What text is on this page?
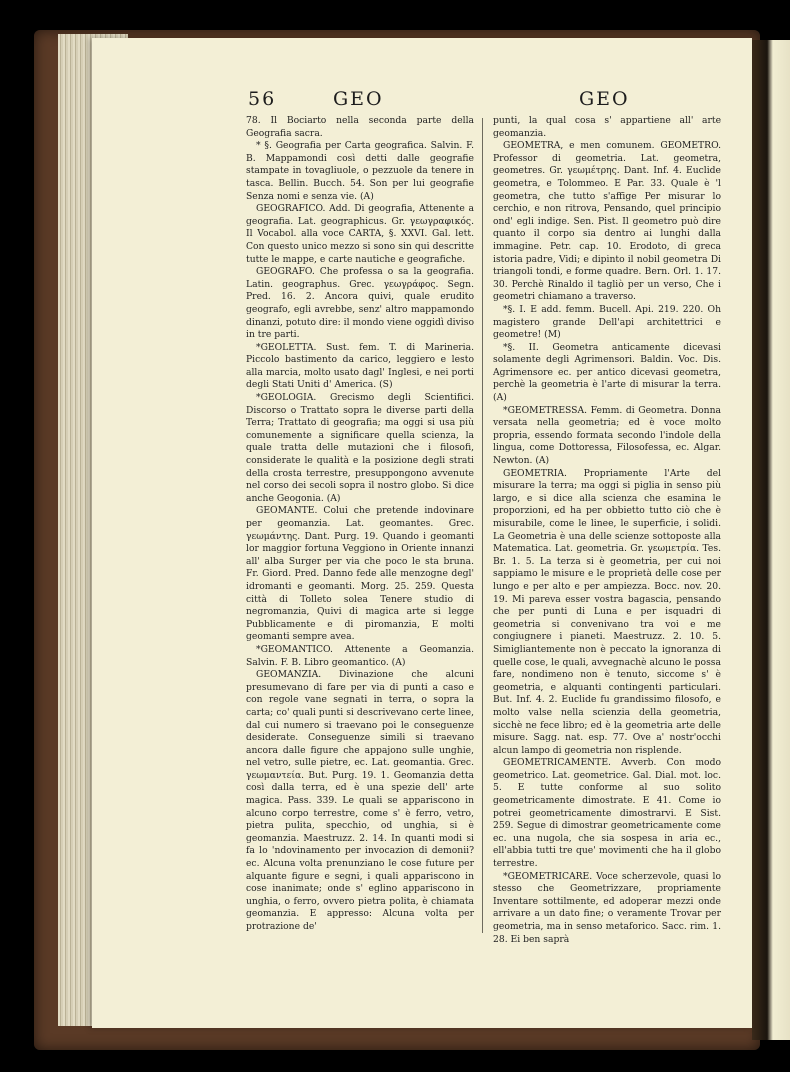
56	GEO	GEO

78. Il Bociarto nella seconda parte della Geografia sacra.

* §. Geografia per Carta geografica. Salvin. F. B. Mappamondi così detti dalle geografie stampate in tovagliuole, o pezzuole da tenere in tasca. Bellin. Bucch. 54. Son per lui geografie Senza nomi e senza vie. (A)

GEOGRAFICO. Add. Di geografia, Attenente a geografia. Lat. geographicus. Gr. γεωγραφικός. Il Vocabol. alla voce CARTA, §. XXVI. Gal. lett. Con questo unico mezzo si sono sin qui descritte tutte le mappe, e carte nautiche e geografiche.

GEOGRAFO. Che professa o sa la geografia. Latin. geographus. Grec. γεωγράφος. Segn. Pred. 16. 2. Ancora quivi, quale erudito geografo, egli avrebbe, senz' altro mappamondo dinanzi, potuto dire: il mondo viene oggidì diviso in tre parti.

*GEOLETTA. Sust. fem. T. di Marineria. Piccolo bastimento da carico, leggiero e lesto alla marcia, molto usato dagl' Inglesi, e nei porti degli Stati Uniti d' America. (S)

*GEOLOGIA. Grecismo degli Scientifici. Discorso o Trattato sopra le diverse parti della Terra; Trattato di geografia; ma oggi si usa più comunemente a significare quella scienza, la quale tratta delle mutazioni che i filosofi, considerate le qualità e la posizione degli strati della crosta terrestre, presuppongono avvenute nel corso dei secoli sopra il nostro globo. Si dice anche Geogonia. (A)

GEOMANTE. Colui che pretende indovinare per geomanzia. Lat. geomantes. Grec. γεωμάντης. Dant. Purg. 19. Quando i geomanti lor maggior fortuna Veggiono in Oriente innanzi all' alba Surger per via che poco le sta bruna. Fr. Giord. Pred. Danno fede alle menzogne degl' idromanti e geomanti. Morg. 25. 259. Questa città di Tolleto solea Tenere studio di negromanzia, Quivi di magica arte si legge Pubblicamente e di piromanzia, E molti geomanti sempre avea.

*GEOMANTICO. Attenente a Geomanzia. Salvin. F. B. Libro geomantico. (A)

GEOMANZIA. Divinazione che alcuni presumevano di fare per via di punti a caso e con regole vane segnati in terra, o sopra la carta; co' quali punti si descrivevano certe linee, dal cui numero si traevano poi le conseguenze desiderate. Conseguenze simili si traevano ancora dalle figure che appajono sulle unghie, nel vetro, sulle pietre, ec. Lat. geomantia. Grec. γεωμαντεία. But. Purg. 19. 1. Geomanzia detta così dalla terra, ed è una spezie dell' arte magica. Pass. 339. Le quali se appariscono in alcuno corpo terrestre, come s' è ferro, vetro, pietra pulita, specchio, od unghia, si è geomanzia. Maestruzz. 2. 14. In quanti modi si fa lo 'ndovinamento per invocazion di demonii? ec. Alcuna volta prenunziano le cose future per alquante figure e segni, i quali appariscono in cose inanimate; onde s' eglino appariscono in unghia, o ferro, ovvero pietra polita, è chiamata geomanzia. E appresso: Alcuna volta per protrazione de'

punti, la qual cosa s' appartiene all' arte geomanzia.

GEOMETRA, e men comunem. GEOMETRO. Professor di geometria. Lat. geometra, geometres. Gr. γεωμέτρης. Dant. Inf. 4. Euclide geometra, e Tolommeo. E Par. 33. Quale è 'l geometra, che tutto s'affige Per misurar lo cerchio, e non ritrova, Pensando, quel principio ond' egli indige. Sen. Pist. Il geometro può dire quanto il corpo sia dentro ai lunghi dalla immagine. Petr. cap. 10. Erodoto, di greca istoria padre, Vidi; e dipinto il nobil geometra Di triangoli tondi, e forme quadre. Bern. Orl. 1. 17. 30. Perchè Rinaldo il tagliò per un verso, Che i geometri chiamano a traverso.

*§. I. E add. femm. Bucell. Api. 219. 220. Oh magistero grande Dell'api architettrici e geometre! (M)

*§. II. Geometra anticamente dicevasi solamente degli Agrimensori. Baldin. Voc. Dis. Agrimensore ec. per antico dicevasi geometra, perchè la geometria è l'arte di misurar la terra. (A)

*GEOMETRESSA. Femm. di Geometra. Donna versata nella geometria; ed è voce molto propria, essendo formata secondo l'indole della lingua, come Dottoressa, Filosofessa, ec. Algar. Newton. (A)

GEOMETRIA. Propriamente l'Arte del misurare la terra; ma oggi si piglia in senso più largo, e si dice alla scienza che esamina le proporzioni, ed ha per obbietto tutto ciò che è misurabile, come le linee, le superficie, i solidi. La Geometria è una delle scienze sottoposte alla Matematica. Lat. geometria. Gr. γεωμετρία. Tes. Br. 1. 5. La terza si è geometria, per cui noi sappiamo le misure e le proprietà delle cose per lungo e per alto e per ampiezza. Bocc. nov. 20. 19. Mi pareva esser vostra bagascia, pensando che per punti di Luna e per isquadri di geometria si convenivano tra voi e me congiugnere i pianeti. Maestruzz. 2. 10. 5. Simigliantemente non è peccato la ignoranza di quelle cose, le quali, avvegnachè alcuno le possa fare, nondimeno non è tenuto, siccome s' è geometria, e alquanti contingenti particulari. But. Inf. 4. 2. Euclide fu grandissimo filosofo, e molto valse nella scienzia della geometria, sicchè ne fece libro; ed è la geometria arte delle misure. Sagg. nat. esp. 77. Ove a' nostr'occhi alcun lampo di geometria non risplende.

GEOMETRICAMENTE. Avverb. Con modo geometrico. Lat. geometrice. Gal. Dial. mot. loc. 5. E tutte conforme al suo solito geometricamente dimostrate. E 41. Come io potrei geometricamente dimostrarvi. E Sist. 259. Segue di dimostrar geometricamente come ec. una nugola, che sia sospesa in aria ec., ell'abbia tutti tre que' movimenti che ha il globo terrestre.

*GEOMETRICARE. Voce scherzevole, quasi lo stesso che Geometrizzare, propriamente Inventare sottilmente, ed adoperar mezzi onde arrivare a un dato fine; o veramente Trovar per geometria, ma in senso metaforico. Sacc. rim. 1. 28. Ei ben saprà
